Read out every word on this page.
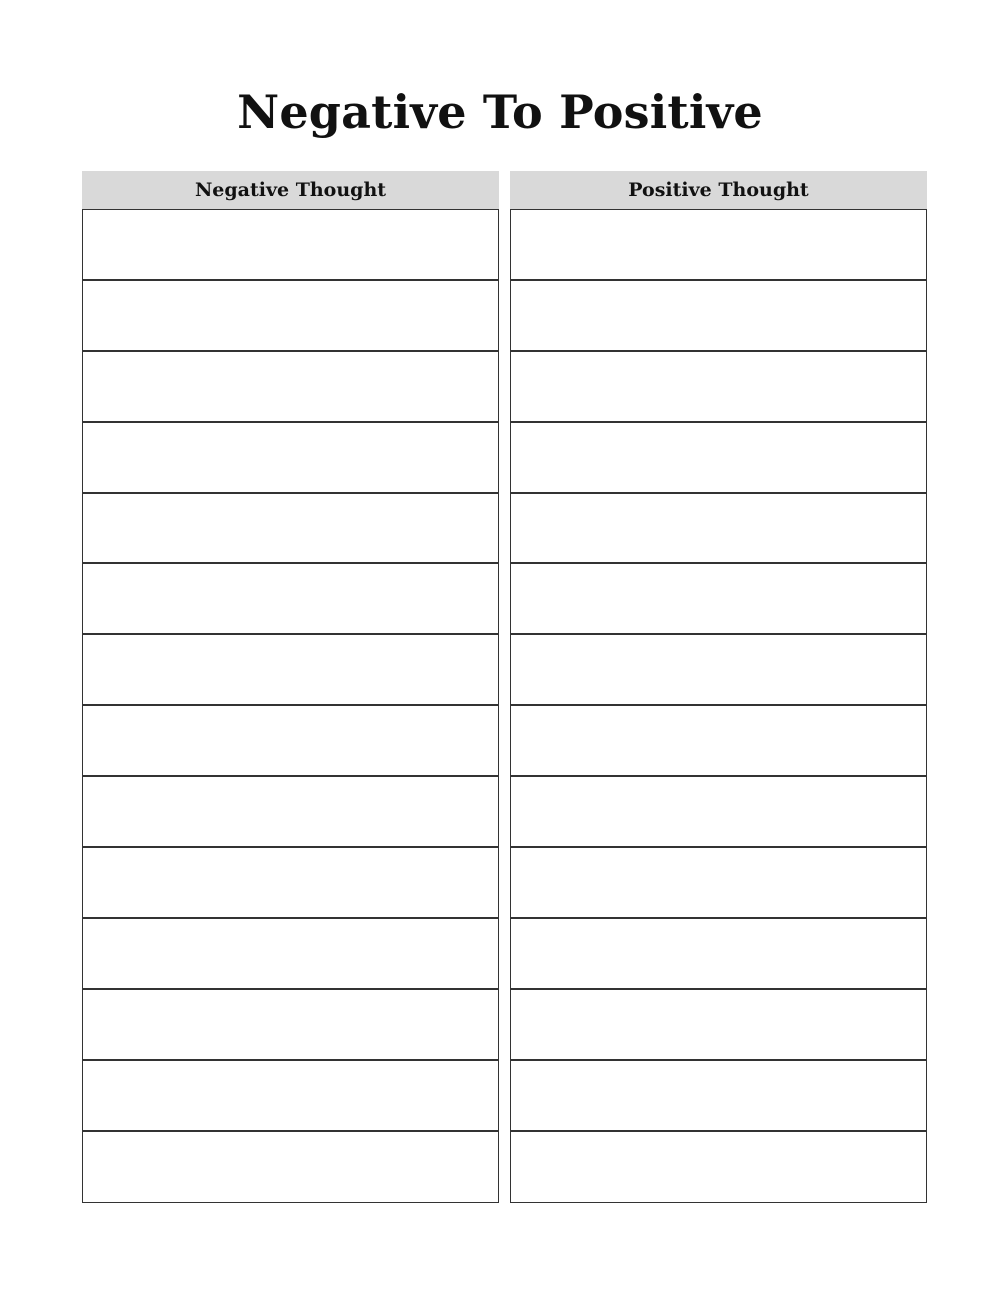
Negative To Positive
Negative Thought	Positive Thought
